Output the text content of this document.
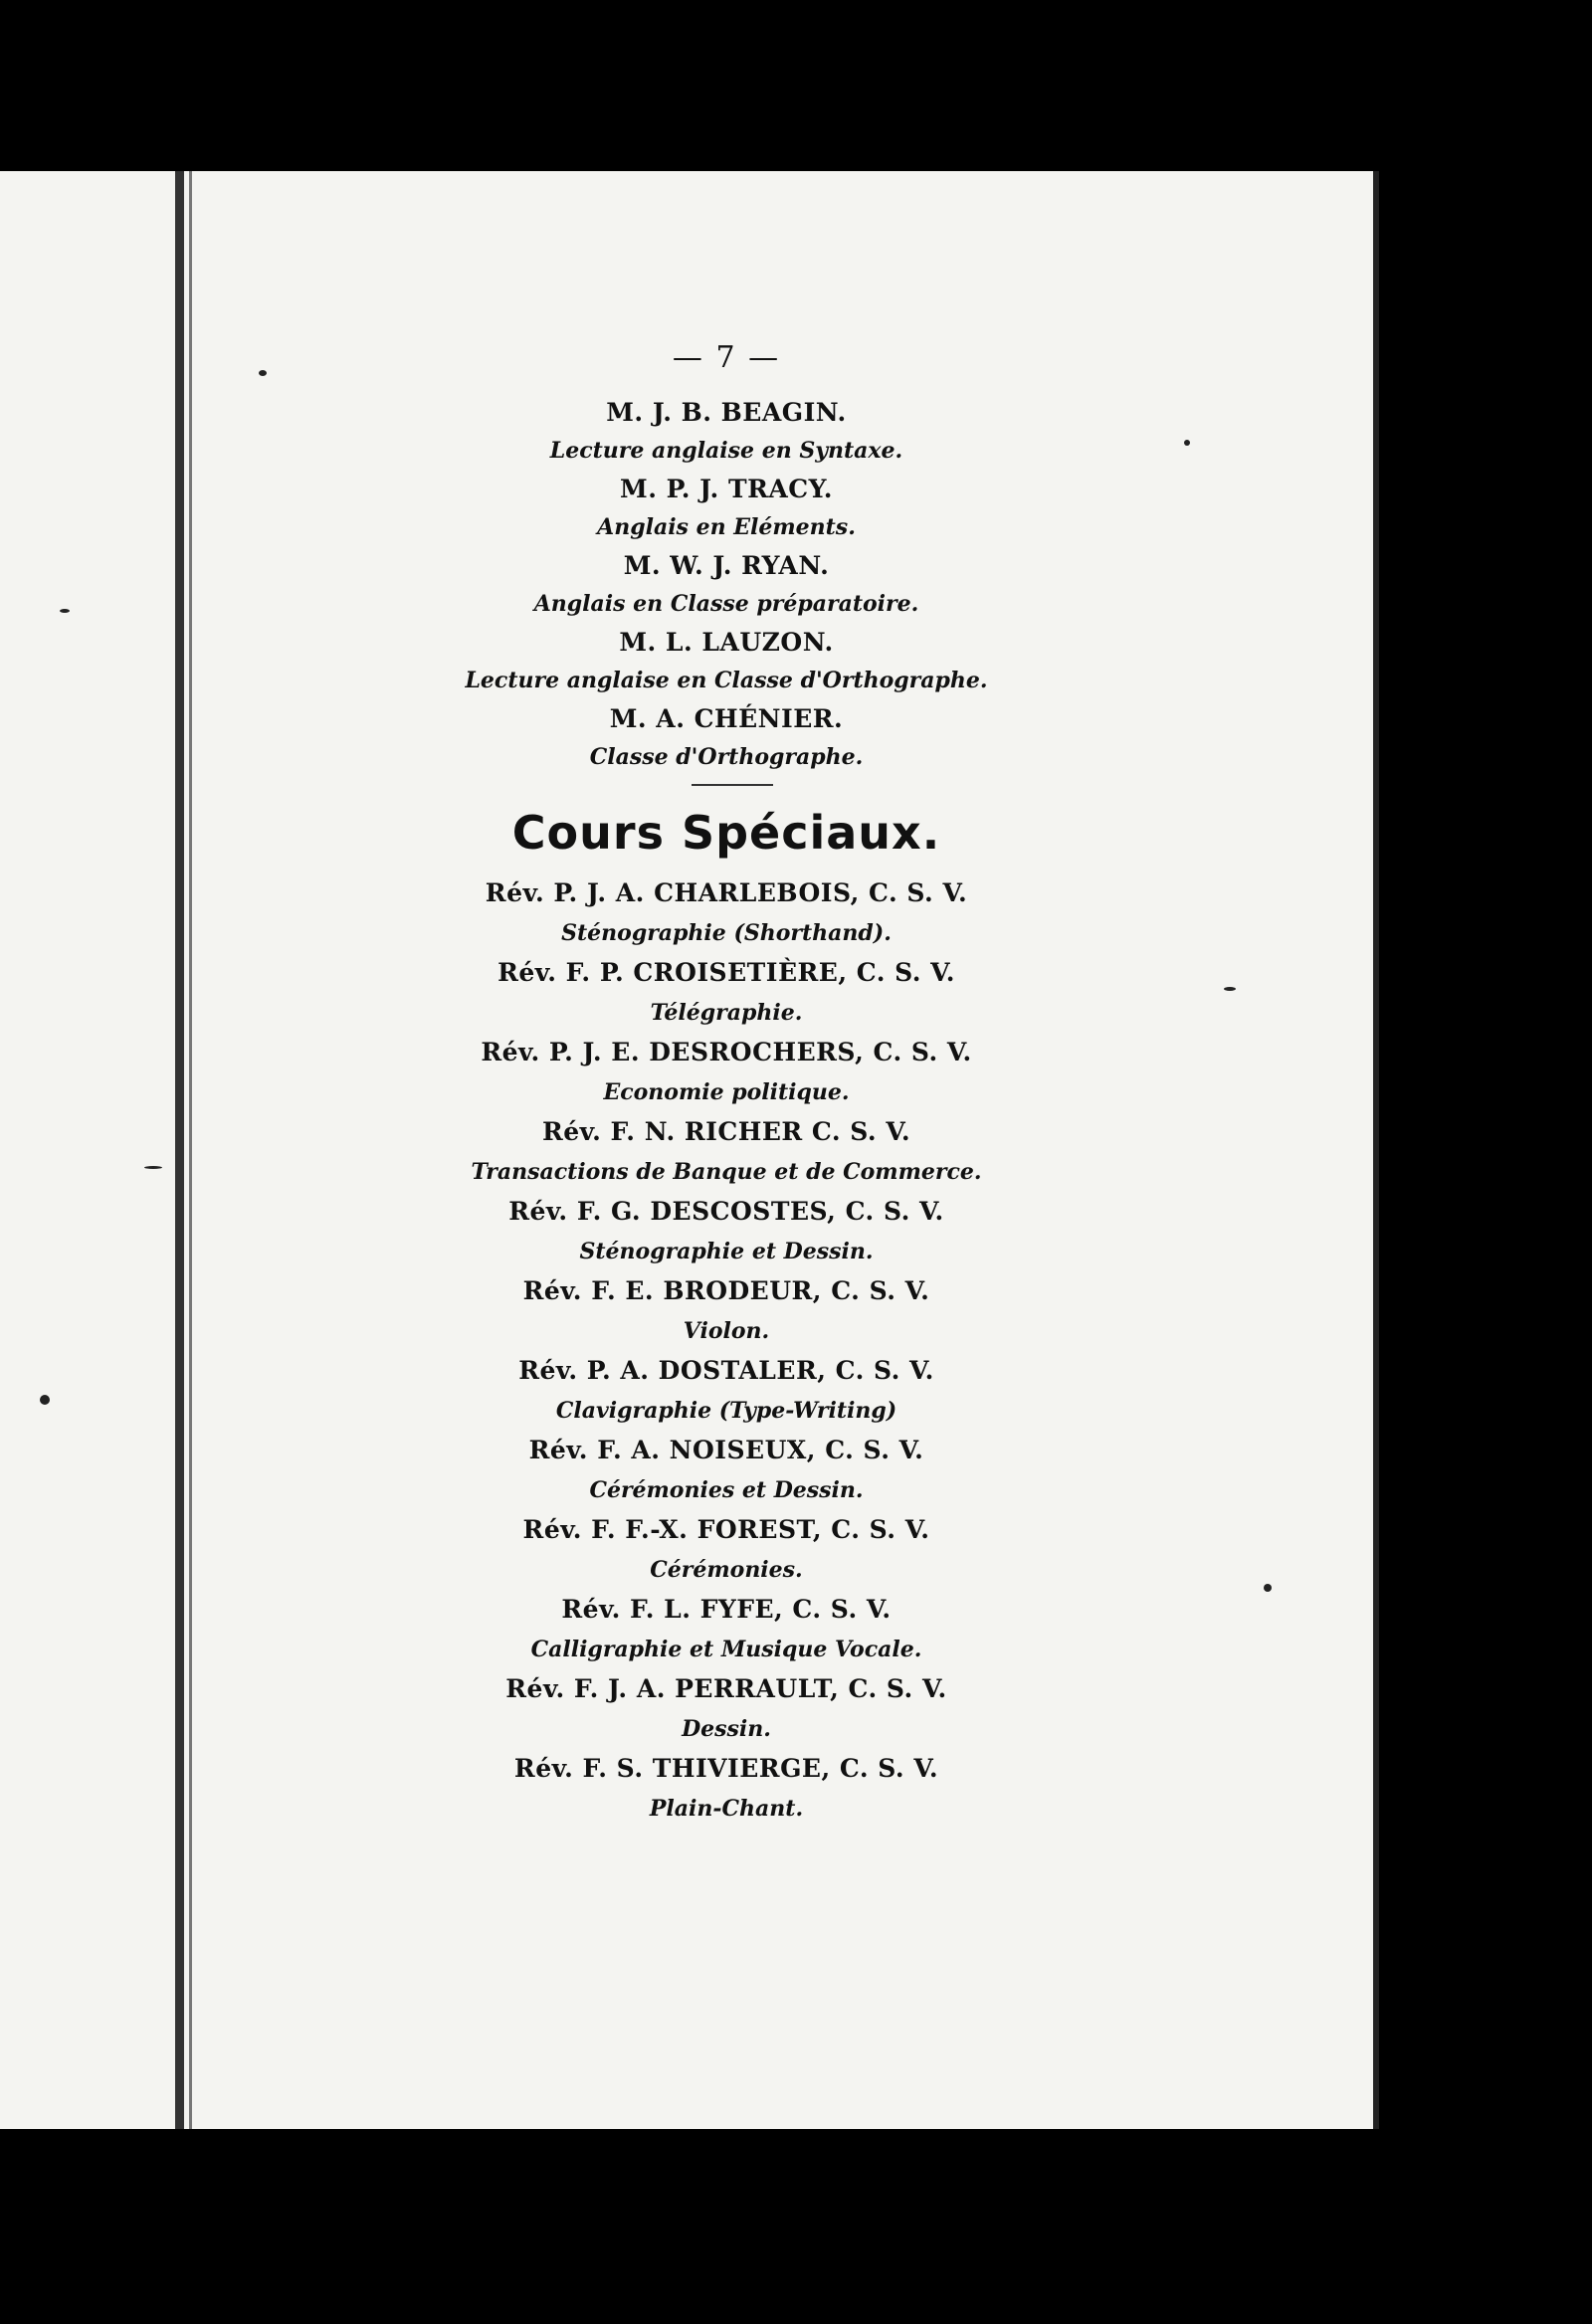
— 7 —
M. J. B. BEAGIN.
Lecture anglaise en Syntaxe.
M. P. J. TRACY.
Anglais en Eléments.
M. W. J. RYAN.
Anglais en Classe préparatoire.
M. L. LAUZON.
Lecture anglaise en Classe d'Orthographe.
M. A. CHÉNIER.
Classe d'Orthographe.
Cours Spéciaux.
Rév. P. J. A. CHARLEBOIS, C. S. V.
Sténographie (Shorthand).
Rév. F. P. CROISETIÈRE, C. S. V.
Télégraphie.
Rév. P. J. E. DESROCHERS, C. S. V.
Economie politique.
Rév. F. N. RICHER C. S. V.
Transactions de Banque et de Commerce.
Rév. F. G. DESCOSTES, C. S. V.
Sténographie et Dessin.
Rév. F. E. BRODEUR, C. S. V.
Violon.
Rév. P. A. DOSTALER, C. S. V.
Clavigraphie (Type-Writing)
Rév. F. A. NOISEUX, C. S. V.
Cérémonies et Dessin.
Rév. F. F.-X. FOREST, C. S. V.
Cérémonies.
Rév. F. L. FYFE, C. S. V.
Calligraphie et Musique Vocale.
Rév. F. J. A. PERRAULT, C. S. V.
Dessin.
Rév. F. S. THIVIERGE, C. S. V.
Plain-Chant.
